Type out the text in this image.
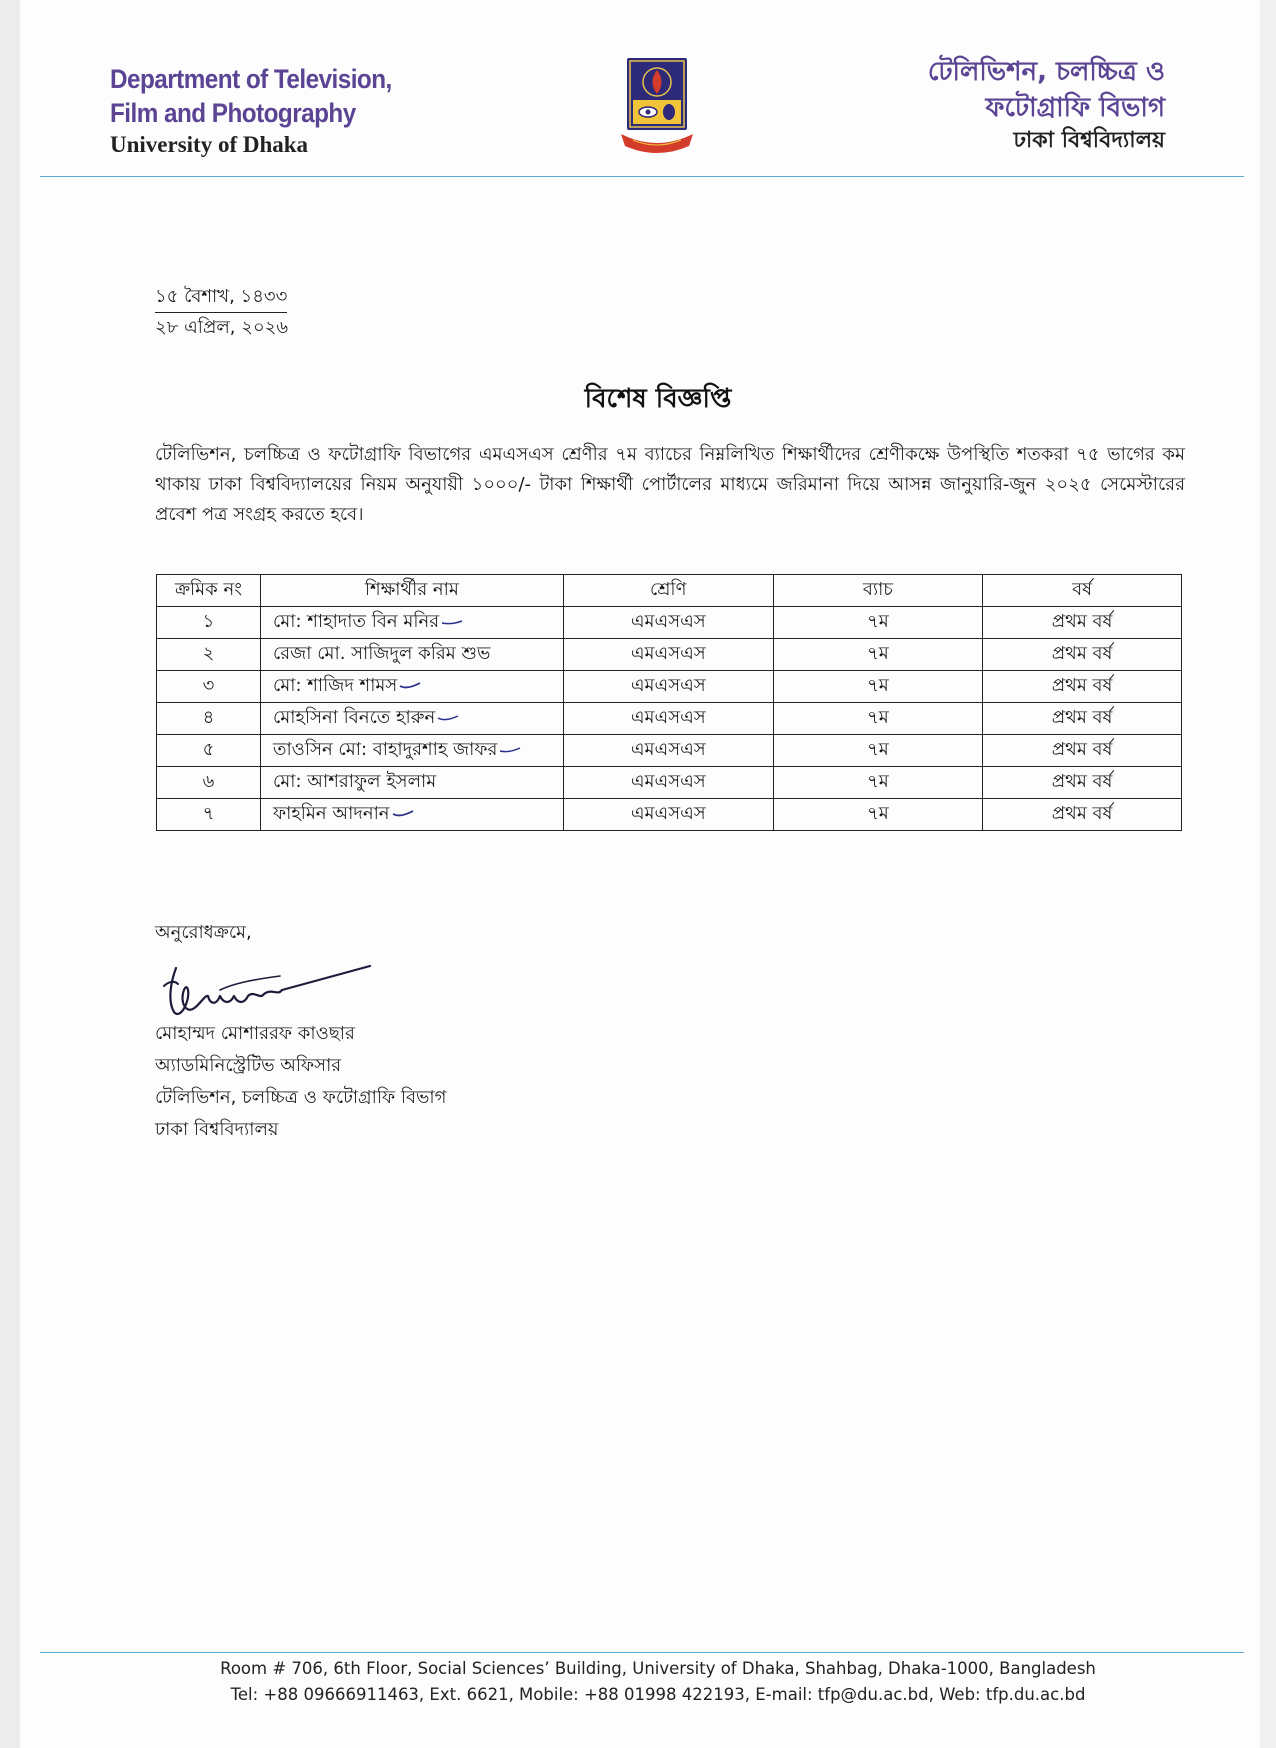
Department of Television,
Film and Photography
University of Dhaka
টেলিভিশন, চলচ্চিত্র ও
ফটোগ্রাফি বিভাগ
ঢাকা বিশ্ববিদ্যালয়
১৫ বৈশাখ, ১৪৩৩
২৮ এপ্রিল, ২০২৬
বিশেষ বিজ্ঞপ্তি
টেলিভিশন, চলচ্চিত্র ও ফটোগ্রাফি বিভাগের এমএসএস শ্রেণীর ৭ম ব্যাচের নিম্নলিখিত শিক্ষার্থীদের শ্রেণীকক্ষে উপস্থিতি শতকরা ৭৫ ভাগের কম থাকায় ঢাকা বিশ্ববিদ্যালয়ের নিয়ম অনুযায়ী ১০০০/- টাকা শিক্ষার্থী পোর্টালের মাধ্যমে জরিমানা দিয়ে আসন্ন জানুয়ারি-জুন ২০২৫ সেমেস্টারের প্রবেশ পত্র সংগ্রহ করতে হবে।
ক্রমিক নং	শিক্ষার্থীর নাম	শ্রেণি	ব্যাচ	বর্ষ
১	মো: শাহাদাত বিন মনির	এমএসএস	৭ম	প্রথম বর্ষ
২	রেজা মো. সাজিদুল করিম শুভ	এমএসএস	৭ম	প্রথম বর্ষ
৩	মো: শাজিদ শামস	এমএসএস	৭ম	প্রথম বর্ষ
৪	মোহসিনা বিনতে হারুন	এমএসএস	৭ম	প্রথম বর্ষ
৫	তাওসিন মো: বাহাদুরশাহ জাফর	এমএসএস	৭ম	প্রথম বর্ষ
৬	মো: আশরাফুল ইসলাম	এমএসএস	৭ম	প্রথম বর্ষ
৭	ফাহমিন আদনান	এমএসএস	৭ম	প্রথম বর্ষ
অনুরোধক্রমে,
মোহাম্মদ মোশাররফ কাওছার
অ্যাডমিনিস্ট্রেটিভ অফিসার
টেলিভিশন, চলচ্চিত্র ও ফটোগ্রাফি বিভাগ
ঢাকা বিশ্ববিদ্যালয়
Room # 706, 6th Floor, Social Sciences’ Building, University of Dhaka, Shahbag, Dhaka-1000, Bangladesh
Tel: +88 09666911463, Ext. 6621, Mobile: +88 01998 422193, E-mail: tfp@du.ac.bd, Web: tfp.du.ac.bd
